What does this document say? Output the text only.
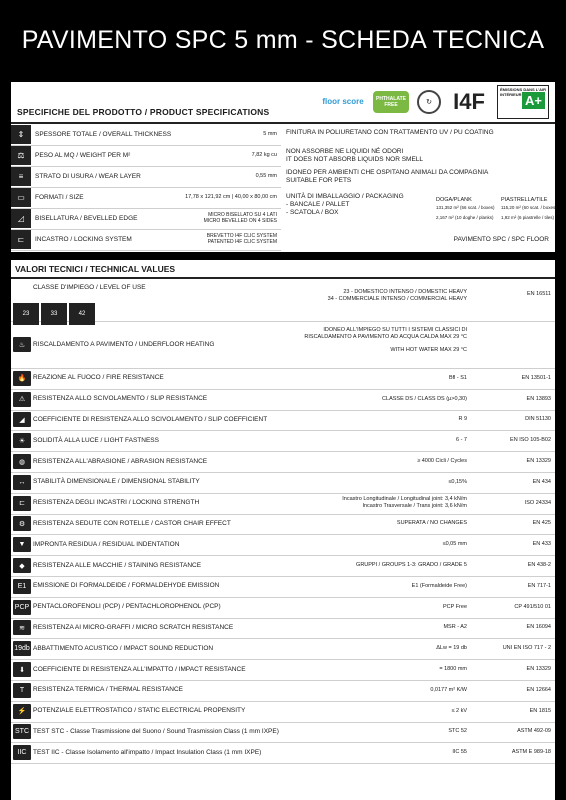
PAVIMENTO SPC 5 mm - SCHEDA TECNICA
SPECIFICHE DEL PRODOTTO / PRODUCT SPECIFICATIONS
floor score PHTHALATE FREE	↻ I4F	ÉMISSIONS DANS L'AIR INTÉRIEUR A+
⇕	SPESSORE TOTALE / OVERALL THICKNESS	5 mm
⚖	PESO AL MQ / WEIGHT PER M²	7,82 kg cu
≡	STRATO DI USURA / WEAR LAYER	0,55 mm
▭	FORMATI / SIZE	17,78 x 121,92 cm | 40,00 x 80,00 cm
◿	BISELLATURA / BEVELLED EDGE	MICRO BISELLATO SU 4 LATI
MICRO BEVELLED ON 4 SIDES
⊏	INCASTRO / LOCKING SYSTEM	BREVETTO I4F CLIC SYSTEM
PATENTED I4F CLIC SYSTEM
FINITURA IN POLIURETANO CON TRATTAMENTO UV / PU COATING
NON ASSORBE NE LIQUIDI NÉ ODORI
IT DOES NOT ABSORB LIQUIDS NOR SMELL
IDONEO PER AMBIENTI CHE OSPITANO ANIMALI DA COMPAGNIA
SUITABLE FOR PETS
UNITÀ DI IMBALLAGGIO / PACKAGING
- BANCALE / PALLET
- SCATOLA / BOX
DOGA/PLANK
131,352 m² (56 scat. / boxes)
2,167 m² (10 doghe / planks)
PIASTRELLA/TILE
115,20 m² (60 scat. / boxes)
1,92 m² (6 piastrelle / tiles)
PAVIMENTO SPC / SPC FLOOR
VALORI TECNICI / TECHNICAL VALUES
23	33	42
CLASSE D'IMPIEGO / LEVEL OF USE
23 - DOMESTICO INTENSO / DOMESTIC HEAVY
34 - COMMERCIALE INTENSO / COMMERCIAL HEAVY
EN 16511
♨	RISCALDAMENTO A PAVIMENTO / UNDERFLOOR HEATING
IDONEO ALL'IMPIEGO SU TUTTI I SISTEMI CLASSICI DI
RISCALDAMENTO A PAVIMENTO AD ACQUA CALDA MAX 29 °C
WITH HOT WATER MAX 29 °C
🔥	REAZIONE AL FUOCO / FIRE RESISTANCE	Bfl - S1	EN 13501-1
⚠	RESISTENZA ALLO SCIVOLAMENTO / SLIP RESISTANCE	CLASSE DS / CLASS DS (μ>0,30)	EN 13893
◢	COEFFICIENTE DI RESISTENZA ALLO SCIVOLAMENTO / SLIP COEFFICIENT	R 9	DIN 51130
☀	SOLIDITÀ ALLA LUCE / LIGHT FASTNESS	6 - 7	EN ISO 105-B02
◍	RESISTENZA ALL'ABRASIONE / ABRASION RESISTANCE	≥ 4000 Cicli / Cycles	EN 13329
↔	STABILITÀ DIMENSIONALE / DIMENSIONAL STABILITY	≤0,15%	EN 434
⊏	RESISTENZA DEGLI INCASTRI / LOCKING STRENGTH	Incastro Longitudinale / Longitudinal joint: 3,4 kN/m
Incastro Trasversale / Trans joint: 3,6 kN/m
ISO 24334
⚙	RESISTENZA SEDUTE CON ROTELLE / CASTOR CHAIR EFFECT	SUPERATA / NO CHANGES	EN 425
▼	IMPRONTA RESIDUA / RESIDUAL INDENTATION	≤0,05 mm	EN 433
◆	RESISTENZA ALLE MACCHIE / STAINING RESISTANCE	GRUPPI / GROUPS 1-3: GRADO / GRADE 5	EN 438-2
E1	EMISSIONE DI FORMALDEIDE / FORMALDEHYDE EMISSION	E1 (Formaldeide Free)	EN 717-1
PCP PENTACLOROFENOLI (PCP) / PENTACHLOROPHENOL (PCP)	PCP Free	CP 491/510 01
≋	RESISTENZA AI MICRO-GRAFFI / MICRO SCRATCH RESISTANCE	MSR - A2	EN 16094
19db ABBATTIMENTO ACUSTICO / IMPACT SOUND REDUCTION	ΔLw = 19 db	UNI EN ISO 717 - 2
⬇	COEFFICIENTE DI RESISTENZA ALL'IMPATTO / IMPACT RESISTANCE	= 1800 mm	EN 13329
T	RESISTENZA TERMICA / THERMAL RESISTANCE	0,0177 m² K/W	EN 12664
⚡	POTENZIALE ELETTROSTATICO / STATIC ELECTRICAL PROPENSITY	≤ 2 kV	EN 1815
STC TEST STC - Classe Trasmissione del Suono / Sound Trasmission Class (1 mm IXPE)	STC 52	ASTM 492-09
IIC	TEST IIC - Classe Isolamento all'impatto / Impact Insulation Class (1 mm IXPE)	IIC 55	ASTM E 989-18
